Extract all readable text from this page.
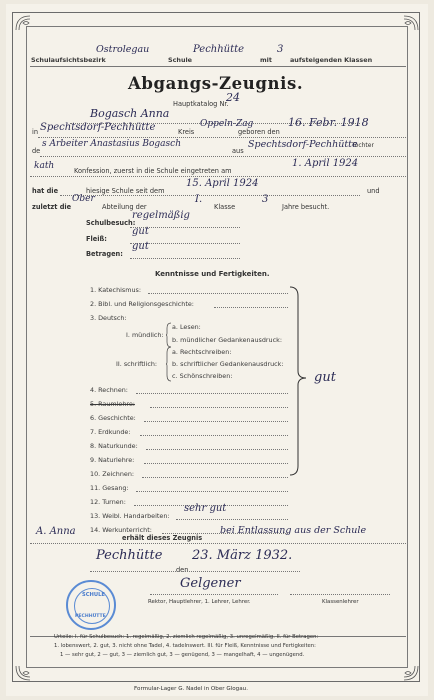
Schulaufsichtsbezirk
Ostrolegau
Schule
Pechhütte
mit
3
aufsteigenden Klassen
Abgangs-Zeugnis.
Hauptkatalog Nr.
24
Bogasch Anna
in Spechtsdorf-Pechhütte	Kreis
Oppeln-Zag
geboren den
16. Febr. 1918
de
s Arbeiter Anastasius Bogasch	Tochter
aus
Spechtsdorf-Pechhütte
kath	Konfession, zuerst in die Schule eingetreten am
1. April 1924
hat die	hiesige Schule seit dem
15. April 1924
und
zuletzt die
Ober
Abteilung der
I.
Klasse
3
Jahre besucht.
Schulbesuch:
regelmäßig
Fleiß:
gut
Betragen:
gut
Kenntnisse und Fertigkeiten.
1. Katechismus:
2. Bibl. und Religionsgeschichte:
3. Deutsch:
I. mündlich:
a. Lesen:
b. mündlicher Gedankenausdruck:
II. schriftlich:
a. Rechtschreiben:
b. schriftlicher Gedankenausdruck:
c. Schönschreiben:
4. Rechnen:
5. Raumlehre:
6. Geschichte:
7. Erdkunde:
8. Naturkunde:
9. Naturlehre:
10. Zeichnen:
11. Gesang:
12. Turnen:
13. Weibl. Handarbeiten:
sehr gut
14. Werkunterricht:
gut
A. Anna
erhält dieses Zeugnis
bei Entlassung aus der Schule
Pechhütte
den
23. März 1932.
Gelgener
Rektor, Hauptlehrer, 1. Lehrer, Lehrer.	Klassenlehrer
SCHULE
PECHHÜTTE
Urteile: I. für Schulbesuch: 1. regelmäßig, 2. ziemlich regelmäßig, 3. unregelmäßig. II. für Betragen:
1. lobenswert, 2. gut, 3. nicht ohne Tadel, 4. tadelnswert. III. für Fleiß, Kenntnisse und Fertigkeiten:
1 — sehr gut, 2 — gut, 3 — ziemlich gut, 3 — genügend, 3 — mangelhaft, 4 — ungenügend.
Formular-Lager G. Nadel in Ober Glogau.
